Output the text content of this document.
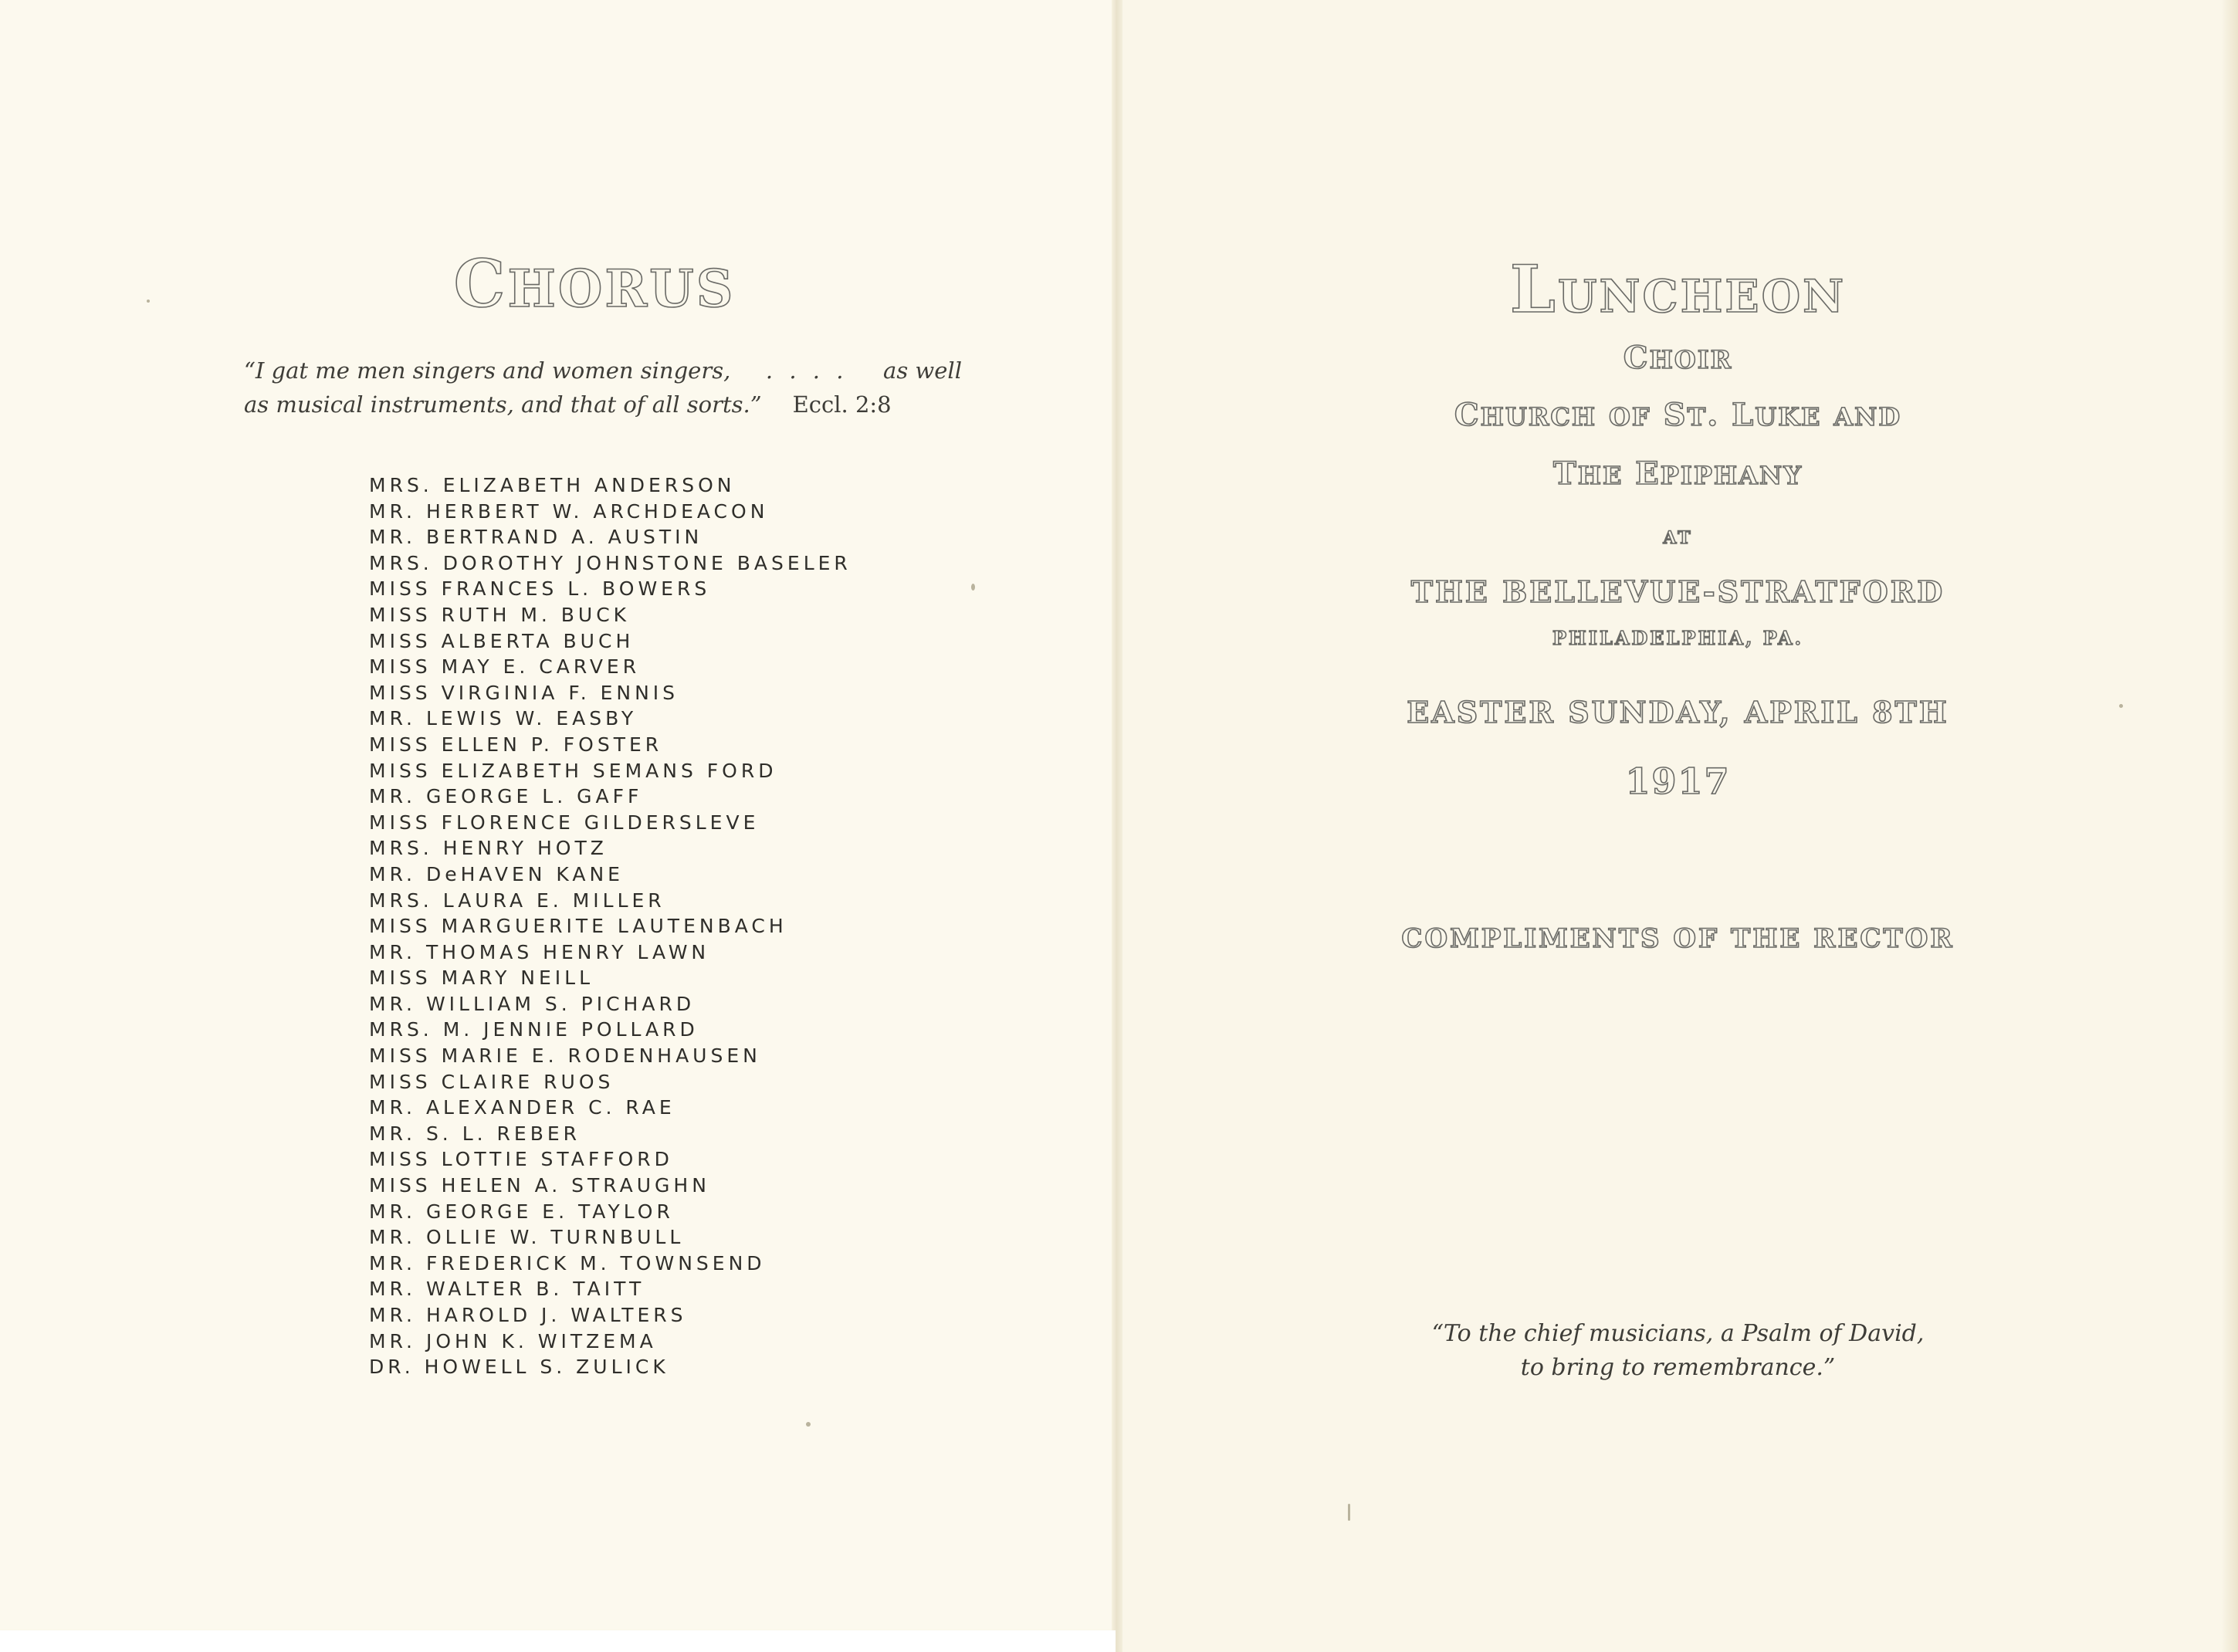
CHORUS
“I gat me men singers and women singers, . . . . as well
as musical instruments, and that of all sorts.” Eccl. 2:8
MRS. ELIZABETH ANDERSON
MR. HERBERT W. ARCHDEACON
MR. BERTRAND A. AUSTIN
MRS. DOROTHY JOHNSTONE BASELER
MISS FRANCES L. BOWERS
MISS RUTH M. BUCK
MISS ALBERTA BUCH
MISS MAY E. CARVER
MISS VIRGINIA F. ENNIS
MR. LEWIS W. EASBY
MISS ELLEN P. FOSTER
MISS ELIZABETH SEMANS FORD
MR. GEORGE L. GAFF
MISS FLORENCE GILDERSLEVE
MRS. HENRY HOTZ
MR. DeHAVEN KANE
MRS. LAURA E. MILLER
MISS MARGUERITE LAUTENBACH
MR. THOMAS HENRY LAWN
MISS MARY NEILL
MR. WILLIAM S. PICHARD
MRS. M. JENNIE POLLARD
MISS MARIE E. RODENHAUSEN
MISS CLAIRE RUOS
MR. ALEXANDER C. RAE
MR. S. L. REBER
MISS LOTTIE STAFFORD
MISS HELEN A. STRAUGHN
MR. GEORGE E. TAYLOR
MR. OLLIE W. TURNBULL
MR. FREDERICK M. TOWNSEND
MR. WALTER B. TAITT
MR. HAROLD J. WALTERS
MR. JOHN K. WITZEMA
DR. HOWELL S. ZULICK
LUNCHEON
CHOIR
CHURCH OF ST. LUKE AND
THE EPIPHANY
AT
THE BELLEVUE-STRATFORD
PHILADELPHIA, PA.
EASTER SUNDAY, APRIL 8TH
1917
COMPLIMENTS OF THE RECTOR
“To the chief musicians, a Psalm of David,
to bring to remembrance.”
